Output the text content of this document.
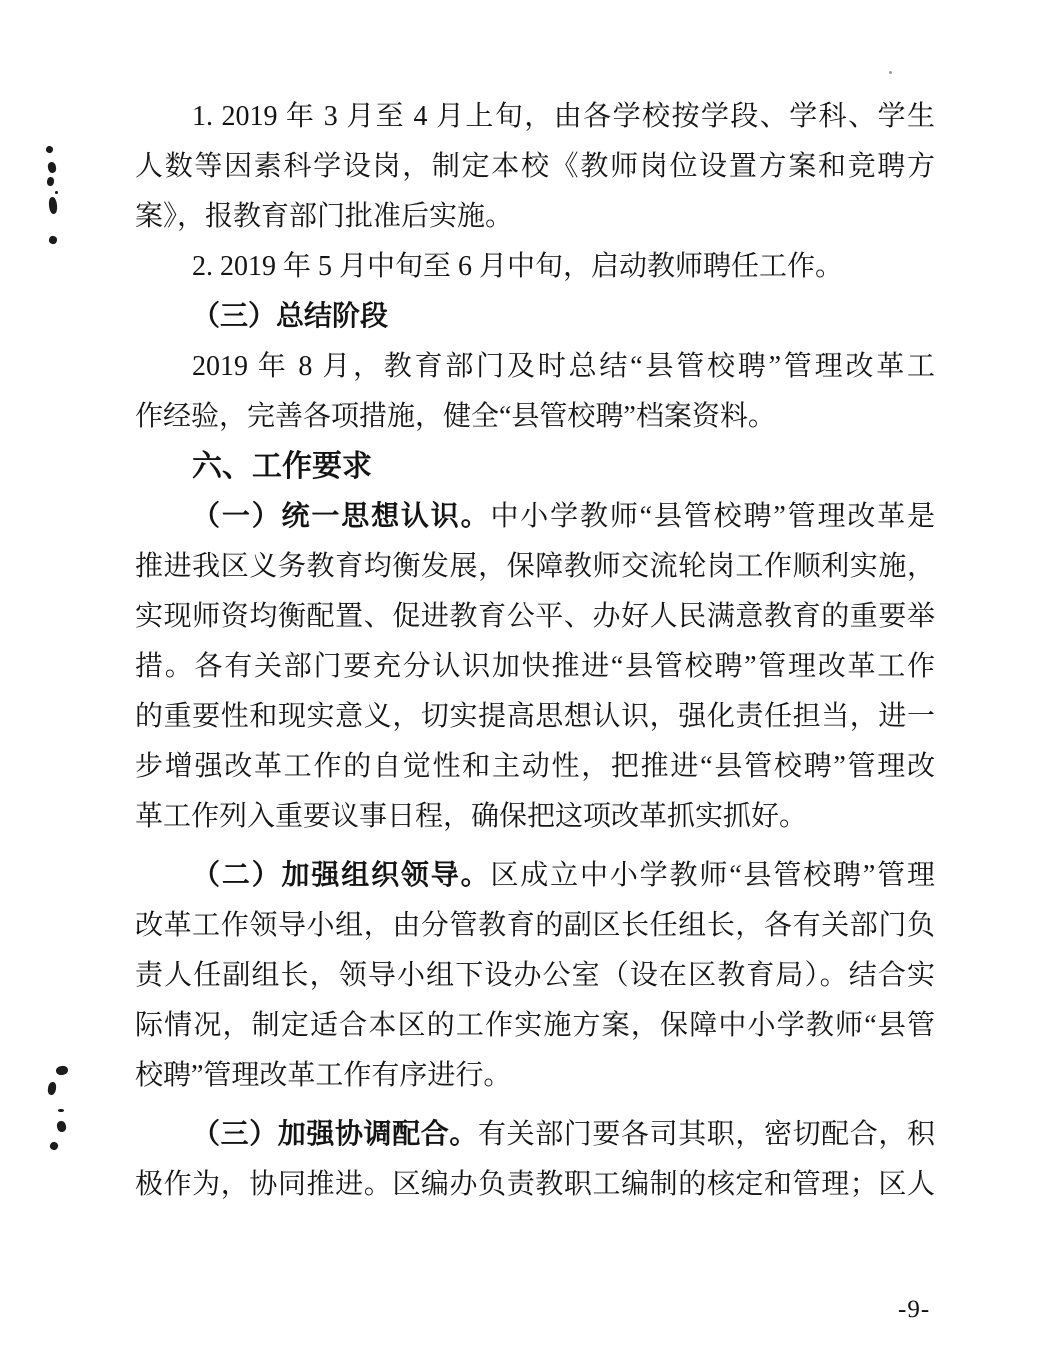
1. 2019 年 3 月至 4 月上旬，由各学校按学段、学科、学生
人数等因素科学设岗，制定本校《教师岗位设置方案和竞聘方
案》，报教育部门批准后实施。
2. 2019 年 5 月中旬至 6 月中旬，启动教师聘任工作。
（三）总结阶段
2019 年 8 月，教育部门及时总结“县管校聘”管理改革工
作经验，完善各项措施，健全“县管校聘”档案资料。
六、工作要求
（一）统一思想认识。中小学教师“县管校聘”管理改革是
推进我区义务教育均衡发展，保障教师交流轮岗工作顺利实施，
实现师资均衡配置、促进教育公平、办好人民满意教育的重要举
措。各有关部门要充分认识加快推进“县管校聘”管理改革工作
的重要性和现实意义，切实提高思想认识，强化责任担当，进一
步增强改革工作的自觉性和主动性，把推进“县管校聘”管理改
革工作列入重要议事日程，确保把这项改革抓实抓好。
（二）加强组织领导。区成立中小学教师“县管校聘”管理
改革工作领导小组，由分管教育的副区长任组长，各有关部门负
责人任副组长，领导小组下设办公室（设在区教育局）。结合实
际情况，制定适合本区的工作实施方案，保障中小学教师“县管
校聘”管理改革工作有序进行。
（三）加强协调配合。有关部门要各司其职，密切配合，积
极作为，协同推进。区编办负责教职工编制的核定和管理；区人
-9-
